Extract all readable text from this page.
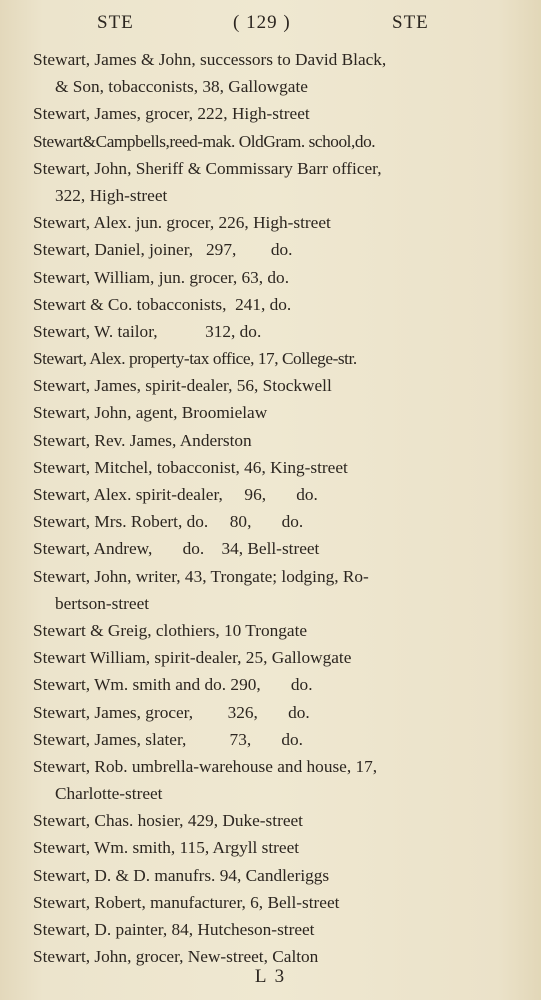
STE	( 129 )	STE
Stewart, James & John, successors to David Black,
& Son, tobacconists, 38, Gallowgate
Stewart, James, grocer, 222, High-street
Stewart&Campbells,reed-mak. OldGram. school,do.
Stewart, John, Sheriff & Commissary Barr officer,
322, High-street
Stewart, Alex. jun. grocer, 226, High-street
Stewart, Daniel, joiner,   297,        do.
Stewart, William, jun. grocer, 63, do.
Stewart & Co. tobacconists,  241, do.
Stewart, W. tailor,           312, do.
Stewart, Alex. property-tax office, 17, College-str.
Stewart, James, spirit-dealer, 56, Stockwell
Stewart, John, agent, Broomielaw
Stewart, Rev. James, Anderston
Stewart, Mitchel, tobacconist, 46, King-street
Stewart, Alex. spirit-dealer,     96,       do.
Stewart, Mrs. Robert, do.     80,       do.
Stewart, Andrew,       do.    34, Bell-street
Stewart, John, writer, 43, Trongate; lodging, Ro-
bertson-street
Stewart & Greig, clothiers, 10 Trongate
Stewart William, spirit-dealer, 25, Gallowgate
Stewart, Wm. smith and do. 290,       do.
Stewart, James, grocer,        326,       do.
Stewart, James, slater,          73,       do.
Stewart, Rob. umbrella-warehouse and house, 17,
Charlotte-street
Stewart, Chas. hosier, 429, Duke-street
Stewart, Wm. smith, 115, Argyll street
Stewart, D. & D. manufrs. 94, Candleriggs
Stewart, Robert, manufacturer, 6, Bell-street
Stewart, D. painter, 84, Hutcheson-street
Stewart, John, grocer, New-street, Calton
L 3
